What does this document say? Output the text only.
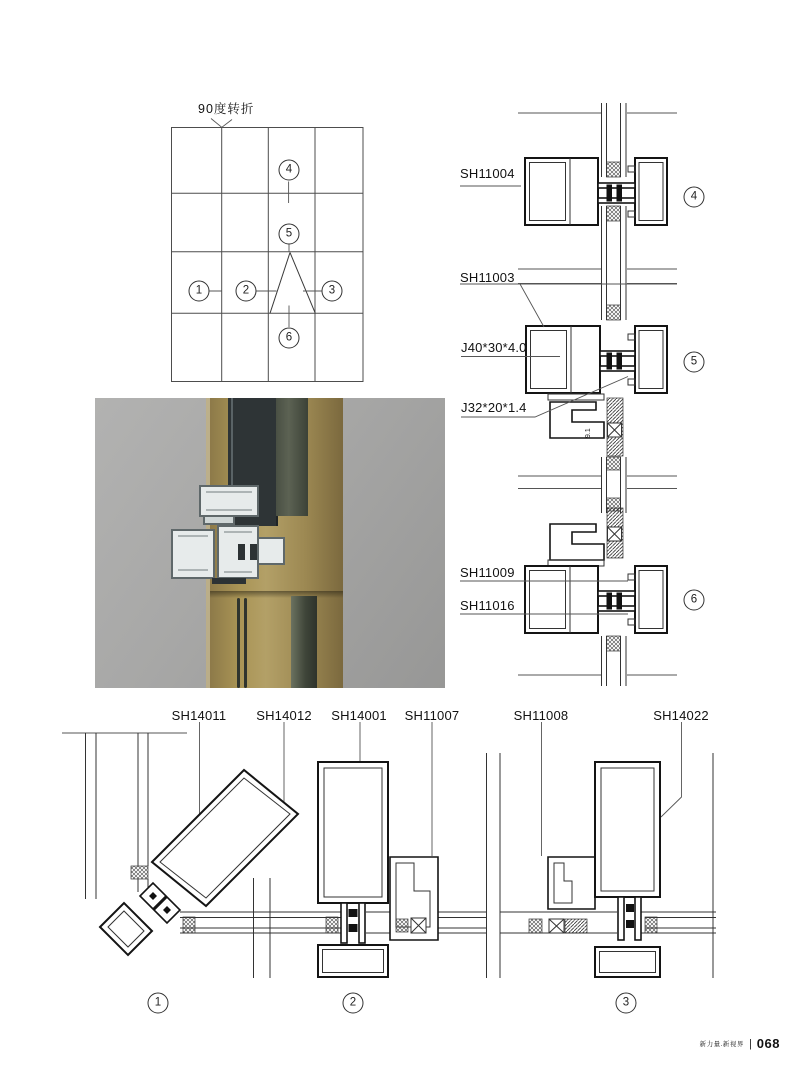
90度转折
SH11004
SH11003
J40*30*4.0
J32*20*1.4
SH11009
SH11016
SH14011 SH14012 SH14001 SH11007	SH11008	SH14022
9.1
1	2	3
4
5
6
4
5
6
1	2	3
新力量.新视界 | 068
